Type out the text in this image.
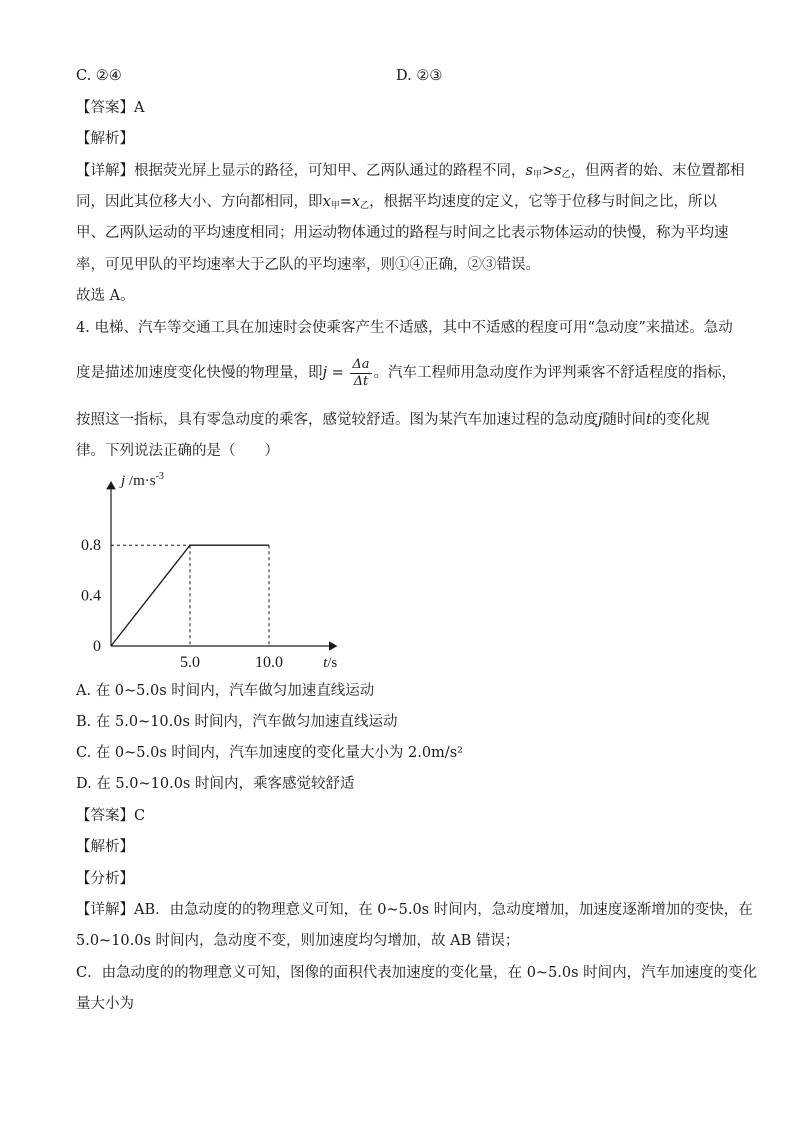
C. ②④	D. ②③
【答案】A
【解析】
【详解】根据荧光屏上显示的路径，可知甲、乙两队通过的路程不同，$s_甲>s_乙$，但两者的始、末位置都相
同，因此其位移大小、方向都相同，即$x_甲=x_乙$，根据平均速度的定义，它等于位移与时间之比，所以
甲、乙两队运动的平均速度相同；用运动物体通过的路程与时间之比表示物体运动的快慢，称为平均速
率，可见甲队的平均速率大于乙队的平均速率，则①④正确，②③错误。
故选 A。
4. 电梯、汽车等交通工具在加速时会使乘客产生不适感，其中不适感的程度可用“急动度”来描述。急动
度是描述加速度变化快慢的物理量，即$j = \frac{\Delta a}{\Delta t}$ 。汽车工程师用急动度作为评判乘客不舒适程度的指标，
按照这一指标，具有零急动度的乘客，感觉较舒适。图为某汽车加速过程的急动度j随时间t的变化规
律。下列说法正确的是（　　）
5.0	10.0
0.8
0.4
0
j $/m\cdot s^{-3}$
t/s
A. 在 0~5.0s 时间内，汽车做匀加速直线运动
B. 在 5.0~10.0s 时间内，汽车做匀加速直线运动
C. 在 0~5.0s 时间内，汽车加速度的变化量大小为 2.0m/s²
D. 在 5.0~10.0s 时间内，乘客感觉较舒适
【答案】C
【解析】
【分析】
【详解】AB．由急动度的的物理意义可知，在 0~5.0s 时间内，急动度增加，加速度逐渐增加的变快，在
5.0~10.0s 时间内，急动度不变，则加速度均匀增加，故 AB 错误；
C．由急动度的的物理意义可知，图像的面积代表加速度的变化量，在 0~5.0s 时间内，汽车加速度的变化
量大小为
